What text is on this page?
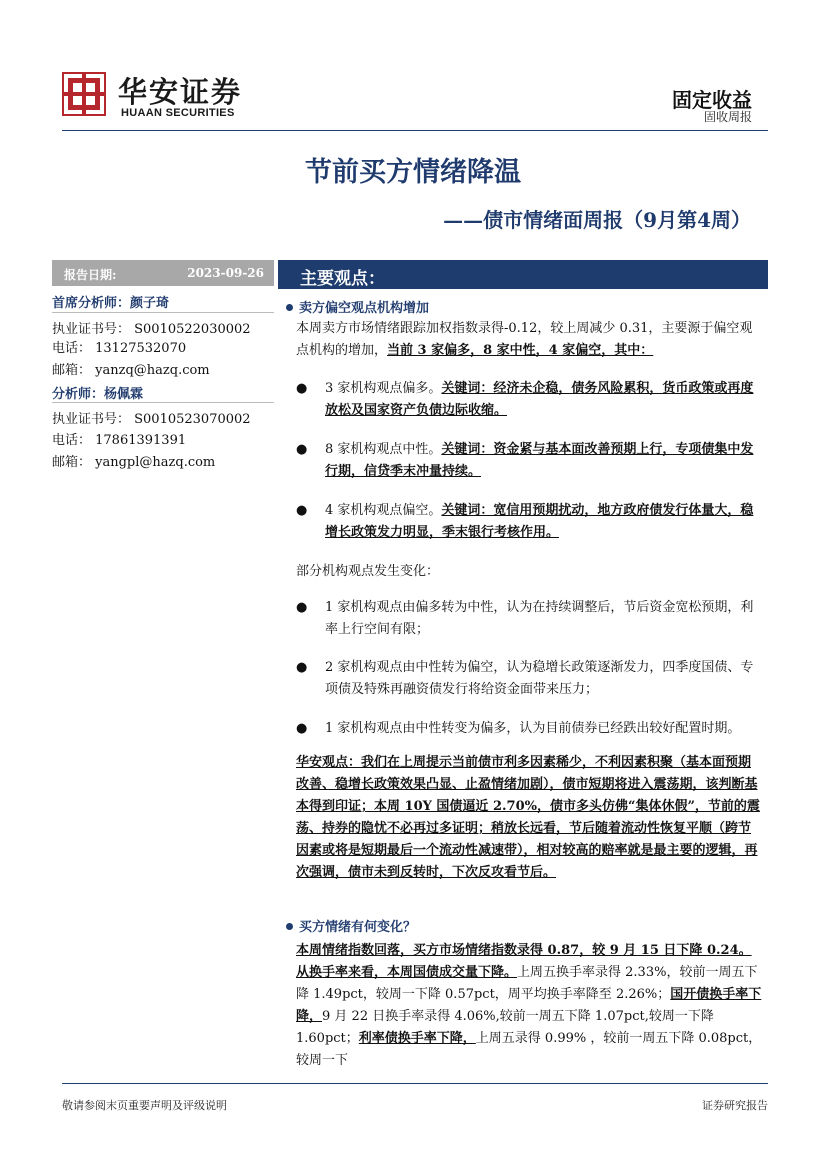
华安证券
HUAAN SECURITIES
固定收益
固收周报
节前买方情绪降温
——债市情绪面周报（9月第4周）
报告日期:	2023-09-26
首席分析师：颜子琦
执业证书号： S0010522030002
电话： 13127532070
邮箱： yanzq@hazq.com
分析师：杨佩霖
执业证书号： S0010523070002
电话： 17861391391
邮箱： yangpl@hazq.com
主要观点：
卖方偏空观点机构增加

本周卖方市场情绪跟踪加权指数录得-0.12，较上周减少 0.31，主要源于偏空观点机构的增加，当前 3 家偏多，8 家中性，4 家偏空，其中：

● 3 家机构观点偏多。关键词：经济未企稳，债务风险累积，货币政策或再度放松及国家资产负债边际收缩。

● 8 家机构观点中性。关键词：资金紧与基本面改善预期上行，专项债集中发行期，信贷季末冲量持续。

● 4 家机构观点偏空。关键词：宽信用预期扰动，地方政府债发行体量大，稳增长政策发力明显，季末银行考核作用。

部分机构观点发生变化：

● 1 家机构观点由偏多转为中性，认为在持续调整后，节后资金宽松预期，利率上行空间有限；

● 2 家机构观点由中性转为偏空，认为稳增长政策逐渐发力，四季度国债、专项债及特殊再融资债发行将给资金面带来压力；

● 1 家机构观点由中性转变为偏多，认为目前债券已经跌出较好配置时期。

华安观点：我们在上周提示当前债市利多因素稀少，不利因素积聚（基本面预期改善、稳增长政策效果凸显、止盈情绪加剧），债市短期将进入震荡期，该判断基本得到印证；本周 10Y 国债逼近 2.70%，债市多头仿佛“集体休假”，节前的震荡、持券的隐忧不必再过多证明；稍放长远看，节后随着流动性恢复平顺（跨节因素或将是短期最后一个流动性减速带），相对较高的赔率就是最主要的逻辑，再次强调，债市未到反转时，下次反攻看节后。

买方情绪有何变化？

本周情绪指数回落，买方市场情绪指数录得 0.87，较 9 月 15 日下降 0.24。从换手率来看，本周国债成交量下降。上周五换手率录得 2.33%，较前一周五下降 1.49pct，较周一下降 0.57pct，周平均换手率降至 2.26%；国开债换手率下降，9 月 22 日换手率录得 4.06%,较前一周五下降 1.07pct,较周一下降 1.60pct；利率债换手率下降，上周五录得 0.99% ，较前一周五下降 0.08pct，较周一下

敬请参阅末页重要声明及评级说明	证券研究报告
